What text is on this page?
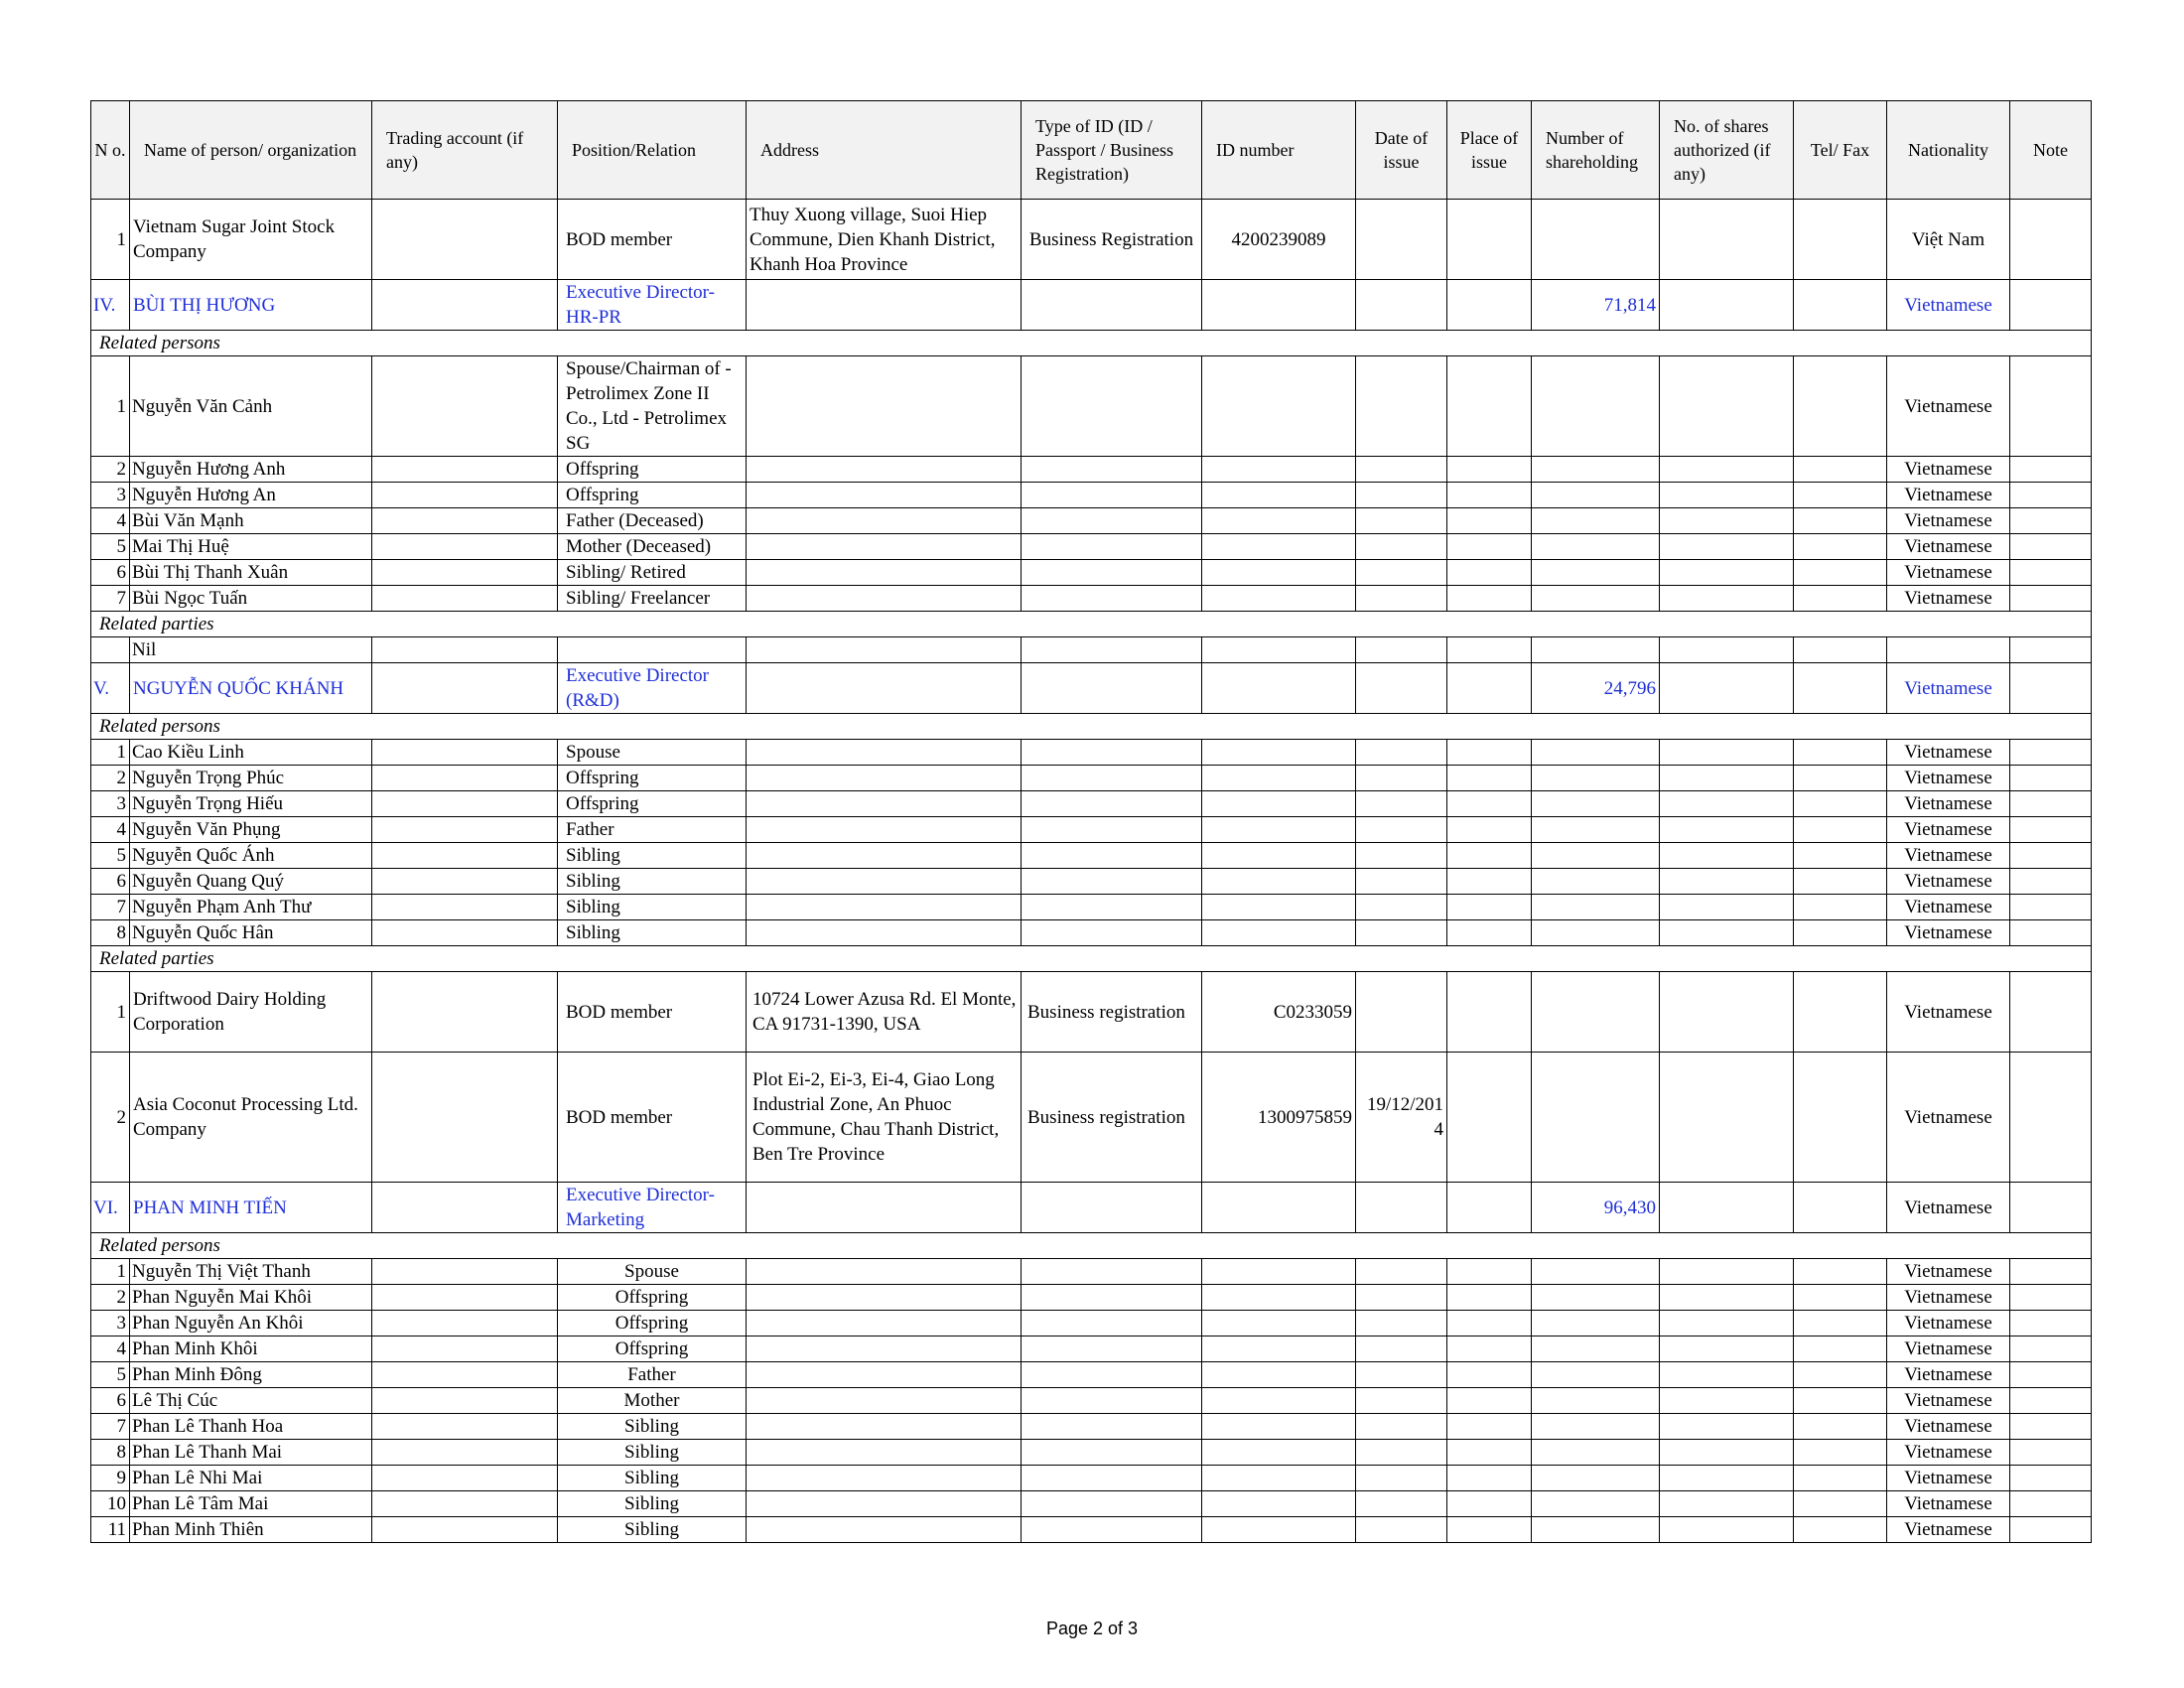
N o.	Name of person/ organization	Trading account (if any)	Position/Relation	Address	Type of ID (ID / Passport / Business Registration)	ID number	Date of issue	Place of issue	Number of shareholding	No. of shares authorized (if any)	Tel/ Fax	Nationality	Note
1	Vietnam Sugar Joint Stock Company		BOD member	Thuy Xuong village, Suoi Hiep Commune, Dien Khanh District, Khanh Hoa Province	Business Registration	4200239089						Việt Nam	
IV.	BÙI THỊ HƯƠNG		Executive Director-HR-PR						71,814			Vietnamese	
Related persons													
1	Nguyễn Văn Cảnh		Spouse/Chairman of - Petrolimex Zone II Co., Ltd - Petrolimex SG									Vietnamese	
2	Nguyễn Hương Anh		Offspring									Vietnamese	
3	Nguyễn Hương An		Offspring									Vietnamese	
4	Bùi Văn Mạnh		Father (Deceased)									Vietnamese	
5	Mai Thị Huệ		Mother (Deceased)									Vietnamese	
6	Bùi Thị Thanh Xuân		Sibling/ Retired									Vietnamese	
7	Bùi Ngọc Tuấn		Sibling/ Freelancer									Vietnamese	
Related parties													
	Nil												
V.	NGUYỄN QUỐC KHÁNH		Executive Director (R&D)						24,796			Vietnamese	
Related persons													
1	Cao Kiều Linh		Spouse									Vietnamese	
2	Nguyễn Trọng Phúc		Offspring									Vietnamese	
3	Nguyễn Trọng Hiếu		Offspring									Vietnamese	
4	Nguyễn Văn Phụng		Father									Vietnamese	
5	Nguyễn Quốc Ánh		Sibling									Vietnamese	
6	Nguyễn Quang Quý		Sibling									Vietnamese	
7	Nguyễn Phạm Anh Thư		Sibling									Vietnamese	
8	Nguyễn Quốc Hân		Sibling									Vietnamese	
Related parties													
1	Driftwood Dairy Holding Corporation		BOD member	10724 Lower Azusa Rd. El Monte, CA 91731-1390, USA	Business registration	C0233059						Vietnamese	
2	Asia Coconut Processing Ltd. Company		BOD member	Plot Ei-2, Ei-3, Ei-4, Giao Long Industrial Zone, An Phuoc Commune, Chau Thanh District, Ben Tre Province	Business registration	1300975859	19/12/2014					Vietnamese	
VI.	PHAN MINH TIẾN		Executive Director-Marketing						96,430			Vietnamese	
Related persons													
1	Nguyễn Thị Việt Thanh		Spouse									Vietnamese	
2	Phan Nguyễn Mai Khôi		Offspring									Vietnamese	
3	Phan Nguyễn An Khôi		Offspring									Vietnamese	
4	Phan Minh Khôi		Offspring									Vietnamese	
5	Phan Minh Đông		Father									Vietnamese	
6	Lê Thị Cúc		Mother									Vietnamese	
7	Phan Lê Thanh Hoa		Sibling									Vietnamese	
8	Phan Lê Thanh Mai		Sibling									Vietnamese	
9	Phan Lê Nhi Mai		Sibling									Vietnamese	
10	Phan Lê Tâm Mai		Sibling									Vietnamese	
11	Phan Minh Thiên		Sibling									Vietnamese	
Page 2 of 3
